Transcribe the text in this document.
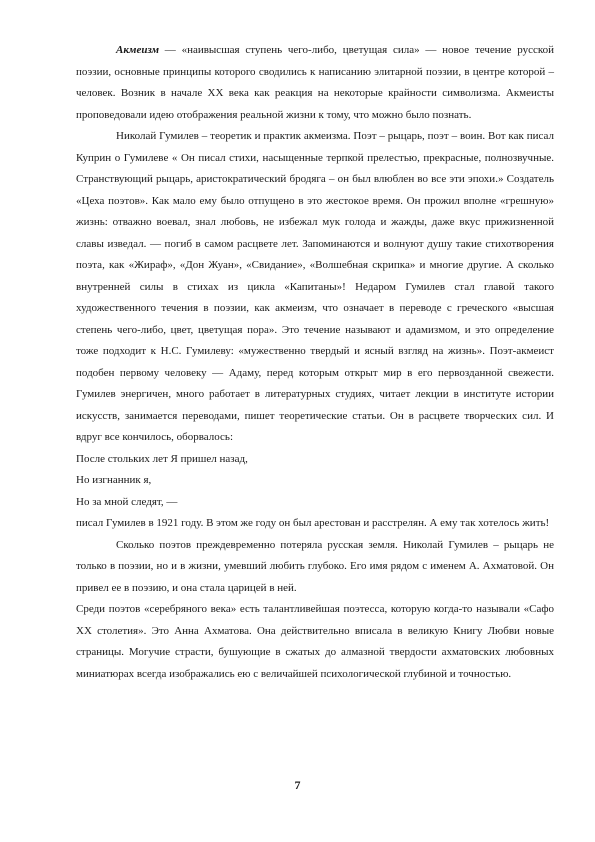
Акмеизм — «наивысшая ступень чего-либо, цветущая сила» — новое течение русской поэзии, основные принципы которого сводились к написанию элитарной поэзии, в центре которой – человек. Возник в начале XX века как реакция на некоторые крайности символизма. Акмеисты проповедовали идею отображения реальной жизни к тому, что можно было познать.

Николай Гумилев – теоретик и практик акмеизма. Поэт – рыцарь, поэт – воин. Вот как писал Куприн о Гумилеве « Он писал стихи, насыщенные терпкой прелестью, прекрасные, полнозвучные. Странствующий рыцарь, аристократический бродяга – он был влюблен во все эти эпохи.» Создатель «Цеха поэтов». Как мало ему было отпущено в это жестокое время. Он прожил вполне «грешную» жизнь: отважно воевал, знал любовь, не избежал мук голода и жажды, даже вкус прижизненной славы изведал. — погиб в самом расцвете лет. Запоминаются и волнуют душу такие стихотворения поэта, как «Жираф», «Дон Жуан», «Свидание», «Волшебная скрипка» и многие другие. А сколько внутренней силы в стихах из цикла «Капитаны»! Недаром Гумилев стал главой такого художественного течения в поэзии, как акмеизм, что означает в переводе с греческого «высшая степень чего-либо, цвет, цветущая пора». Это течение называют и адамизмом, и это определение тоже подходит к Н.С. Гумилеву: «мужественно твердый и ясный взгляд на жизнь». Поэт-акмеист подобен первому человеку — Адаму, перед которым открыт мир в его первозданной свежести. Гумилев энергичен, много работает в литературных студиях, читает лекции в институте истории искусств, занимается переводами, пишет теоретические статьи. Он в расцвете творческих сил. И вдруг все кончилось, оборвалось:

После стольких лет Я пришел назад,

Но изгнанник я,

Но за мной следят, —

писал Гумилев в 1921 году. В этом же году он был арестован и расстрелян. А ему так хотелось жить!

Сколько поэтов преждевременно потеряла русская земля. Николай Гумилев – рыцарь не только в поэзии, но и в жизни, умевший любить глубоко. Его имя рядом с именем А. Ахматовой. Он привел ее в поэзию, и она стала царицей в ней.

Среди поэтов «серебряного века» есть талантливейшая поэтесса, которую когда-то называли «Сафо XX столетия». Это Анна Ахматова. Она действительно вписала в великую Книгу Любви новые страницы. Могучие страсти, бушующие в сжатых до алмазной твердости ахматовских любовных миниатюрах всегда изображались ею с величайшей психологической глубиной и точностью.

7
